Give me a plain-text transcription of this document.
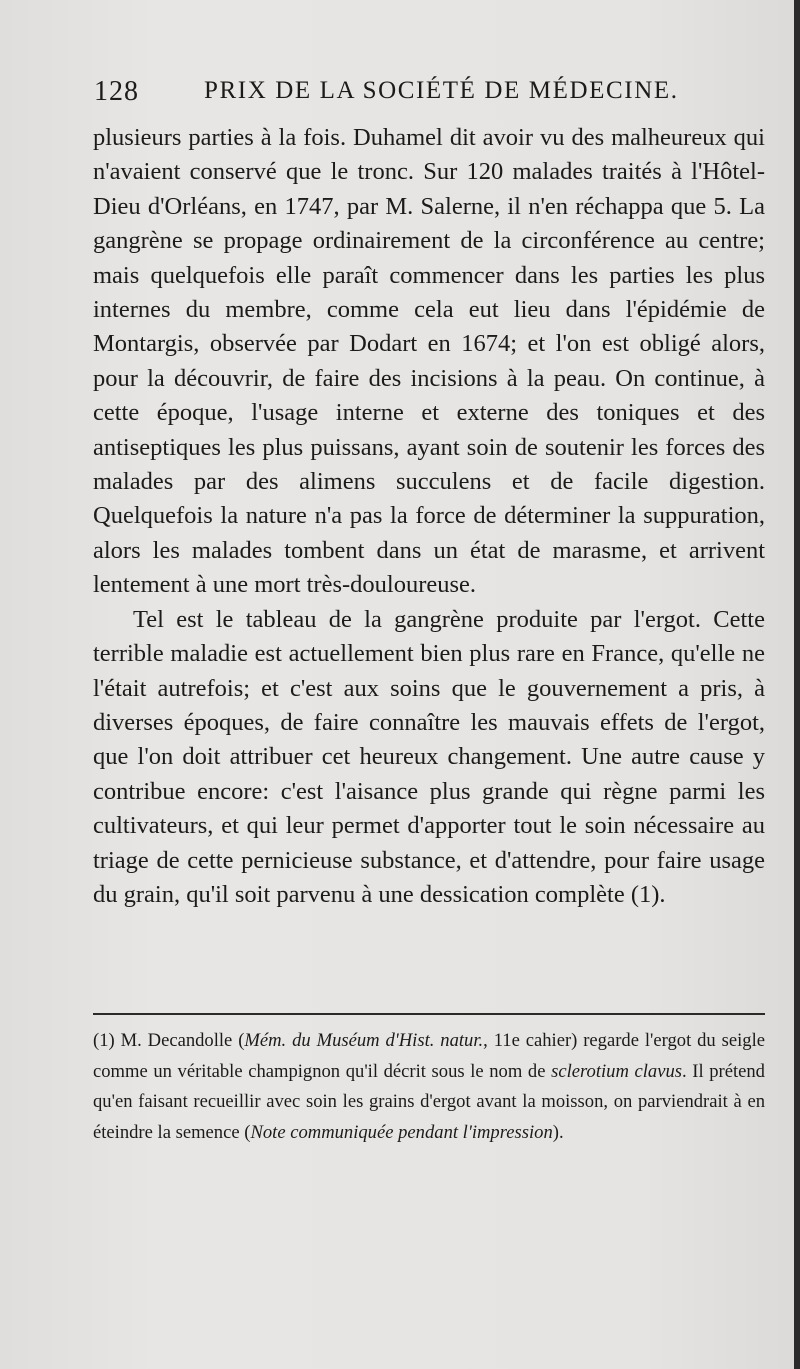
128	PRIX DE LA SOCIÉTÉ DE MÉDECINE.

plusieurs parties à la fois. Duhamel dit avoir vu des malheureux qui n'avaient conservé que le tronc. Sur 120 malades traités à l'Hôtel-Dieu d'Orléans, en 1747, par M. Salerne, il n'en réchappa que 5. La gangrène se propage ordinairement de la circonférence au centre; mais quelquefois elle paraît commencer dans les parties les plus internes du membre, comme cela eut lieu dans l'épidémie de Montargis, observée par Dodart en 1674; et l'on est obligé alors, pour la découvrir, de faire des incisions à la peau. On continue, à cette époque, l'usage interne et externe des toniques et des antiseptiques les plus puissans, ayant soin de soutenir les forces des malades par des alimens succulens et de facile digestion. Quelquefois la nature n'a pas la force de déterminer la suppuration, alors les malades tombent dans un état de marasme, et arrivent lentement à une mort très-douloureuse.

Tel est le tableau de la gangrène produite par l'ergot. Cette terrible maladie est actuellement bien plus rare en France, qu'elle ne l'était autrefois; et c'est aux soins que le gouvernement a pris, à diverses époques, de faire connaître les mauvais effets de l'ergot, que l'on doit attribuer cet heureux changement. Une autre cause y contribue encore: c'est l'aisance plus grande qui règne parmi les cultivateurs, et qui leur permet d'apporter tout le soin nécessaire au triage de cette pernicieuse substance, et d'attendre, pour faire usage du grain, qu'il soit parvenu à une dessication complète (1).

(1) M. Decandolle (Mém. du Muséum d'Hist. natur., 11e cahier) regarde l'ergot du seigle comme un véritable champignon qu'il décrit sous le nom de sclerotium clavus. Il prétend qu'en faisant recueillir avec soin les grains d'ergot avant la moisson, on parviendrait à en éteindre la semence (Note communiquée pendant l'impression).
